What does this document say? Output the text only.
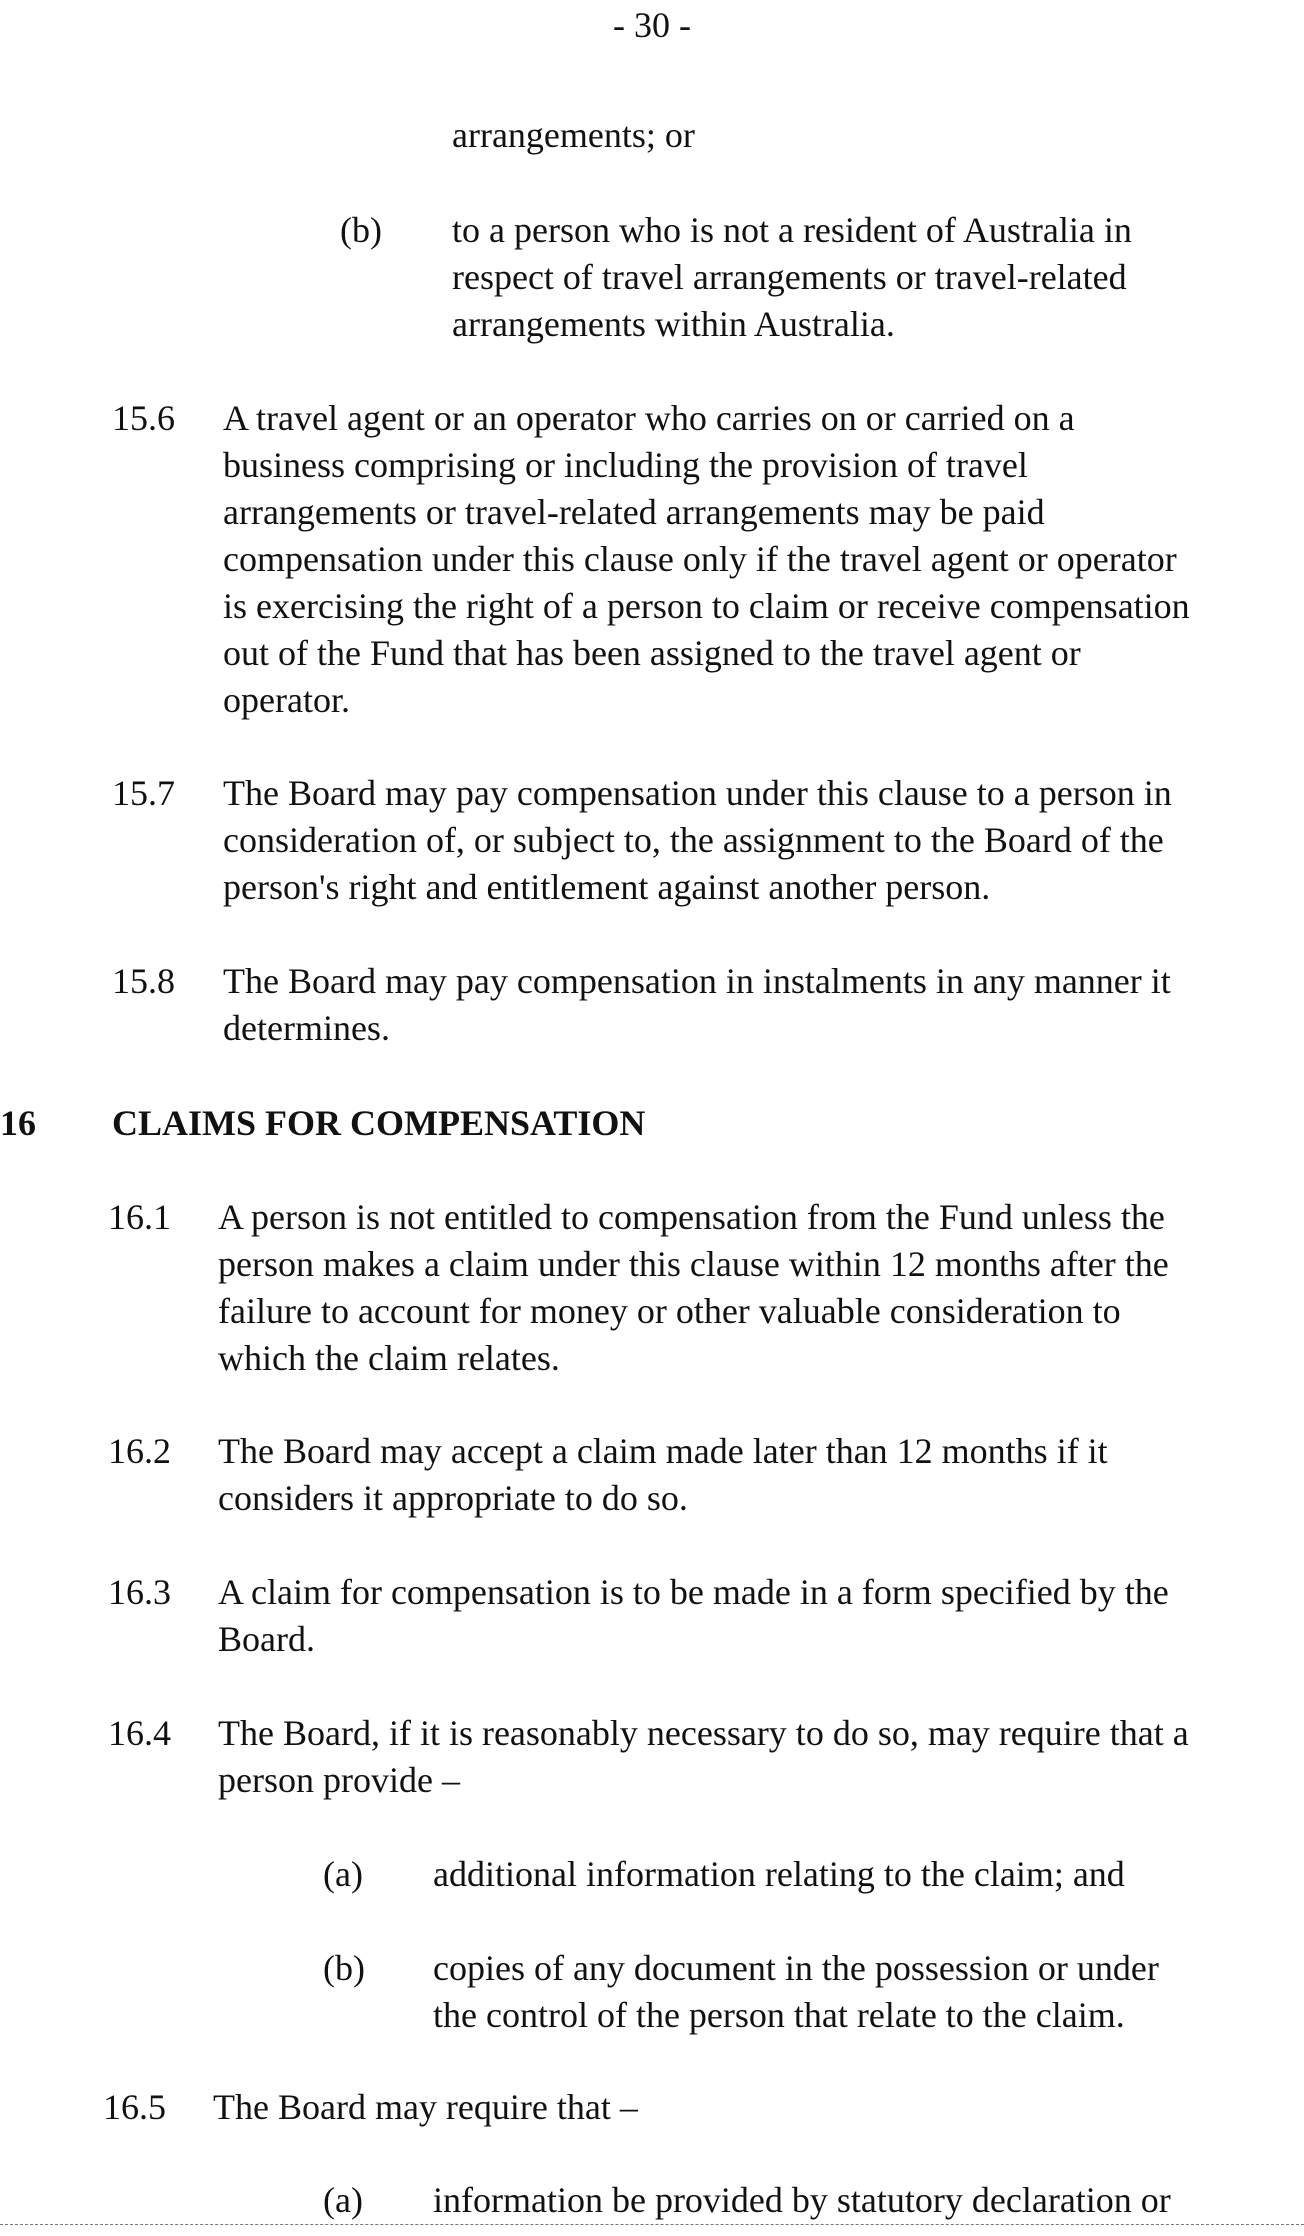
- 30 -
arrangements; or
(b) to a person who is not a resident of Australia in
respect of travel arrangements or travel-related
arrangements within Australia.
15.6 A travel agent or an operator who carries on or carried on a
business comprising or including the provision of travel
arrangements or travel-related arrangements may be paid
compensation under this clause only if the travel agent or operator
is exercising the right of a person to claim or receive compensation
out of the Fund that has been assigned to the travel agent or
operator.
15.7 The Board may pay compensation under this clause to a person in
consideration of, or subject to, the assignment to the Board of the
person's right and entitlement against another person.
15.8 The Board may pay compensation in instalments in any manner it
determines.
16 CLAIMS FOR COMPENSATION
16.1 A person is not entitled to compensation from the Fund unless the
person makes a claim under this clause within 12 months after the
failure to account for money or other valuable consideration to
which the claim relates.
16.2 The Board may accept a claim made later than 12 months if it
considers it appropriate to do so.
16.3 A claim for compensation is to be made in a form specified by the
Board.
16.4 The Board, if it is reasonably necessary to do so, may require that a
person provide –
(a) additional information relating to the claim; and
(b) copies of any document in the possession or under
the control of the person that relate to the claim.
16.5 The Board may require that –
(a) information be provided by statutory declaration or
